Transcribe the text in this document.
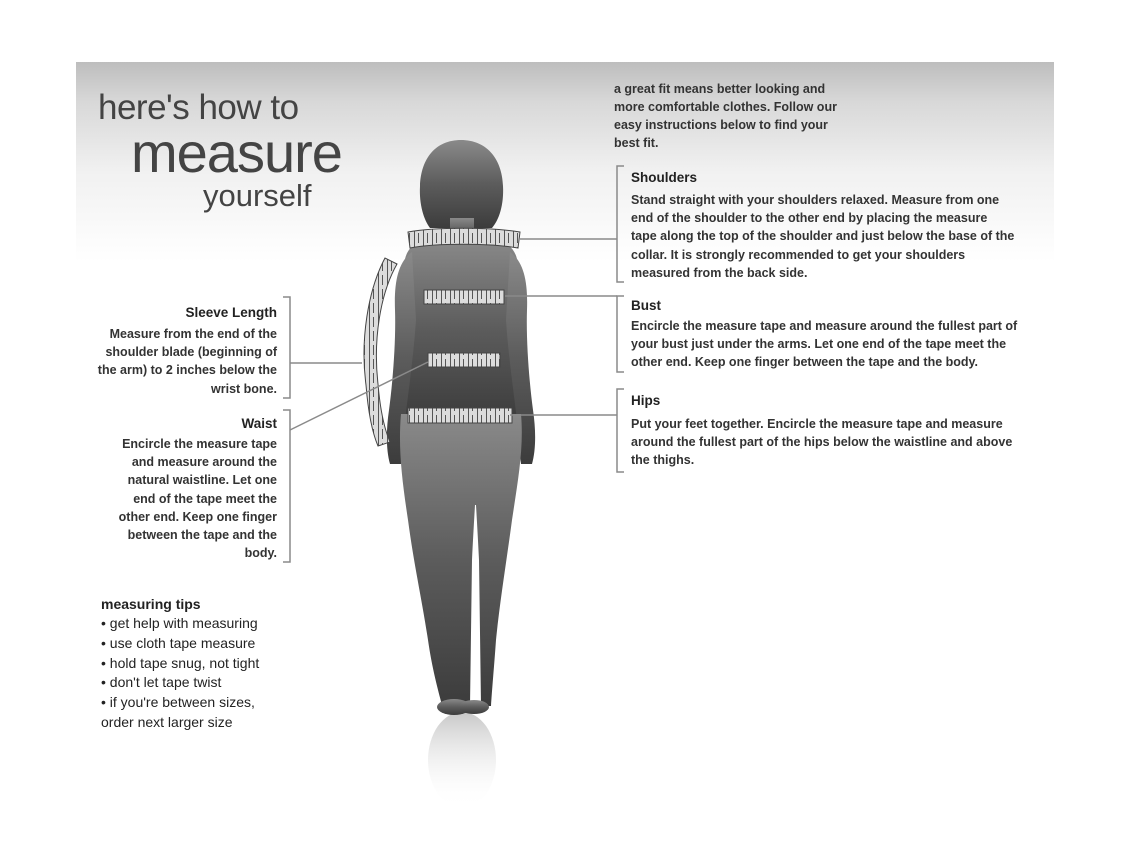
here's how to
measure
yourself

a great fit means better looking and more comfortable clothes. Follow our easy instructions below to find your best fit.

Shoulders

Stand straight with your shoulders relaxed. Measure from one end of the shoulder to the other end by placing the measure tape along the top of the shoulder and just below the base of the collar. It is strongly recommended to get your shoulders measured from the back side.

Bust

Encircle the measure tape and measure around the fullest part of your bust just under the arms. Let one end of the tape meet the other end. Keep one finger between the tape and the body.

Hips

Put your feet together. Encircle the measure tape and measure around the fullest part of the hips below the waistline and above the thighs.

Sleeve Length

Measure from the end of the shoulder blade (beginning of the arm) to 2 inches below the wrist bone.

Waist

Encircle the measure tape and measure around the natural waistline. Let one end of the tape meet the other end. Keep one finger between the tape and the body.

measuring tips
• get help with measuring
• use cloth tape measure
• hold tape snug, not tight
• don't let tape twist
• if you're between sizes,
order next larger size
